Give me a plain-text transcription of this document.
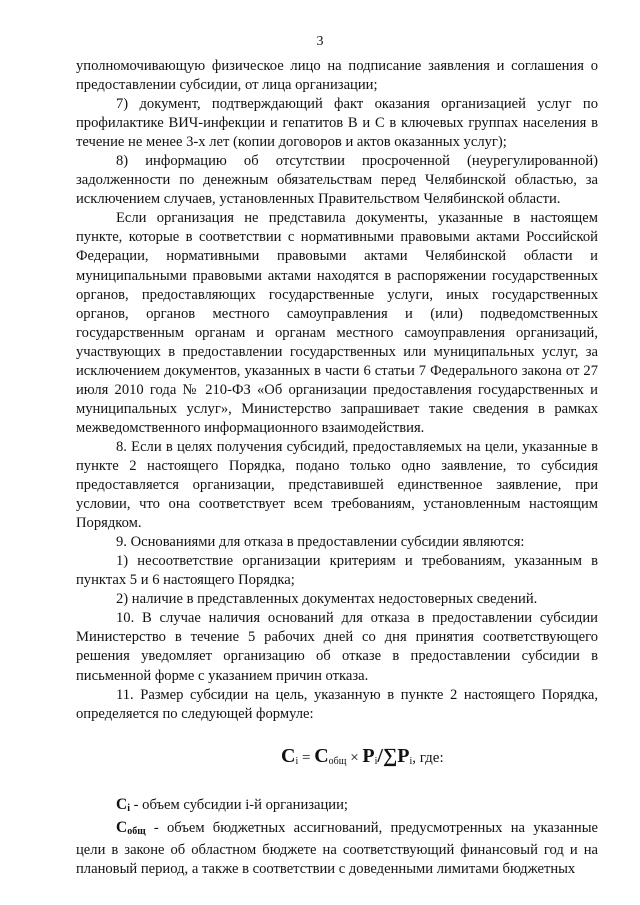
3

уполномочивающую физическое лицо на подписание заявления и соглашения о предоставлении субсидии, от лица организации;

7) документ, подтверждающий факт оказания организацией услуг по профилактике ВИЧ-инфекции и гепатитов В и С в ключевых группах населения в течение не менее 3-х лет (копии договоров и актов оказанных услуг);

8) информацию об отсутствии просроченной (неурегулированной) задолженности по денежным обязательствам перед Челябинской областью, за исключением случаев, установленных Правительством Челябинской области.

Если организация не представила документы, указанные в настоящем пункте, которые в соответствии с нормативными правовыми актами Российской Федерации, нормативными правовыми актами Челябинской области и муниципальными правовыми актами находятся в распоряжении государственных органов, предоставляющих государственные услуги, иных государственных органов, органов местного самоуправления и (или) подведомственных государственным органам и органам местного самоуправления организаций, участвующих в предоставлении государственных или муниципальных услуг, за исключением документов, указанных в части 6 статьи 7 Федерального закона от 27 июля 2010 года № 210-ФЗ «Об организации предоставления государственных и муниципальных услуг», Министерство запрашивает такие сведения в рамках межведомственного информационного взаимодействия.

8. Если в целях получения субсидий, предоставляемых на цели, указанные в пункте 2 настоящего Порядка, подано только одно заявление, то субсидия предоставляется организации, представившей единственное заявление, при условии, что она соответствует всем требованиям, установленным настоящим Порядком.

9. Основаниями для отказа в предоставлении субсидии являются:

1) несоответствие организации критериям и требованиям, указанным в пунктах 5 и 6 настоящего Порядка;

2) наличие в представленных документах недостоверных сведений.

10. В случае наличия оснований для отказа в предоставлении субсидии Министерство в течение 5 рабочих дней со дня принятия соответствующего решения уведомляет организацию об отказе в предоставлении субсидии в письменной форме с указанием причин отказа.

11. Размер субсидии на цель, указанную в пункте 2 настоящего Порядка, определяется по следующей формуле:

$С_i = С_{общ} \times P_i/\sum P_i$, где:

$С_i$ - объем субсидии i-й организации;

$С_{общ}$ - объем бюджетных ассигнований, предусмотренных на указанные цели в законе об областном бюджете на соответствующий финансовый год и на плановый период, а также в соответствии с доведенными лимитами бюджетных
